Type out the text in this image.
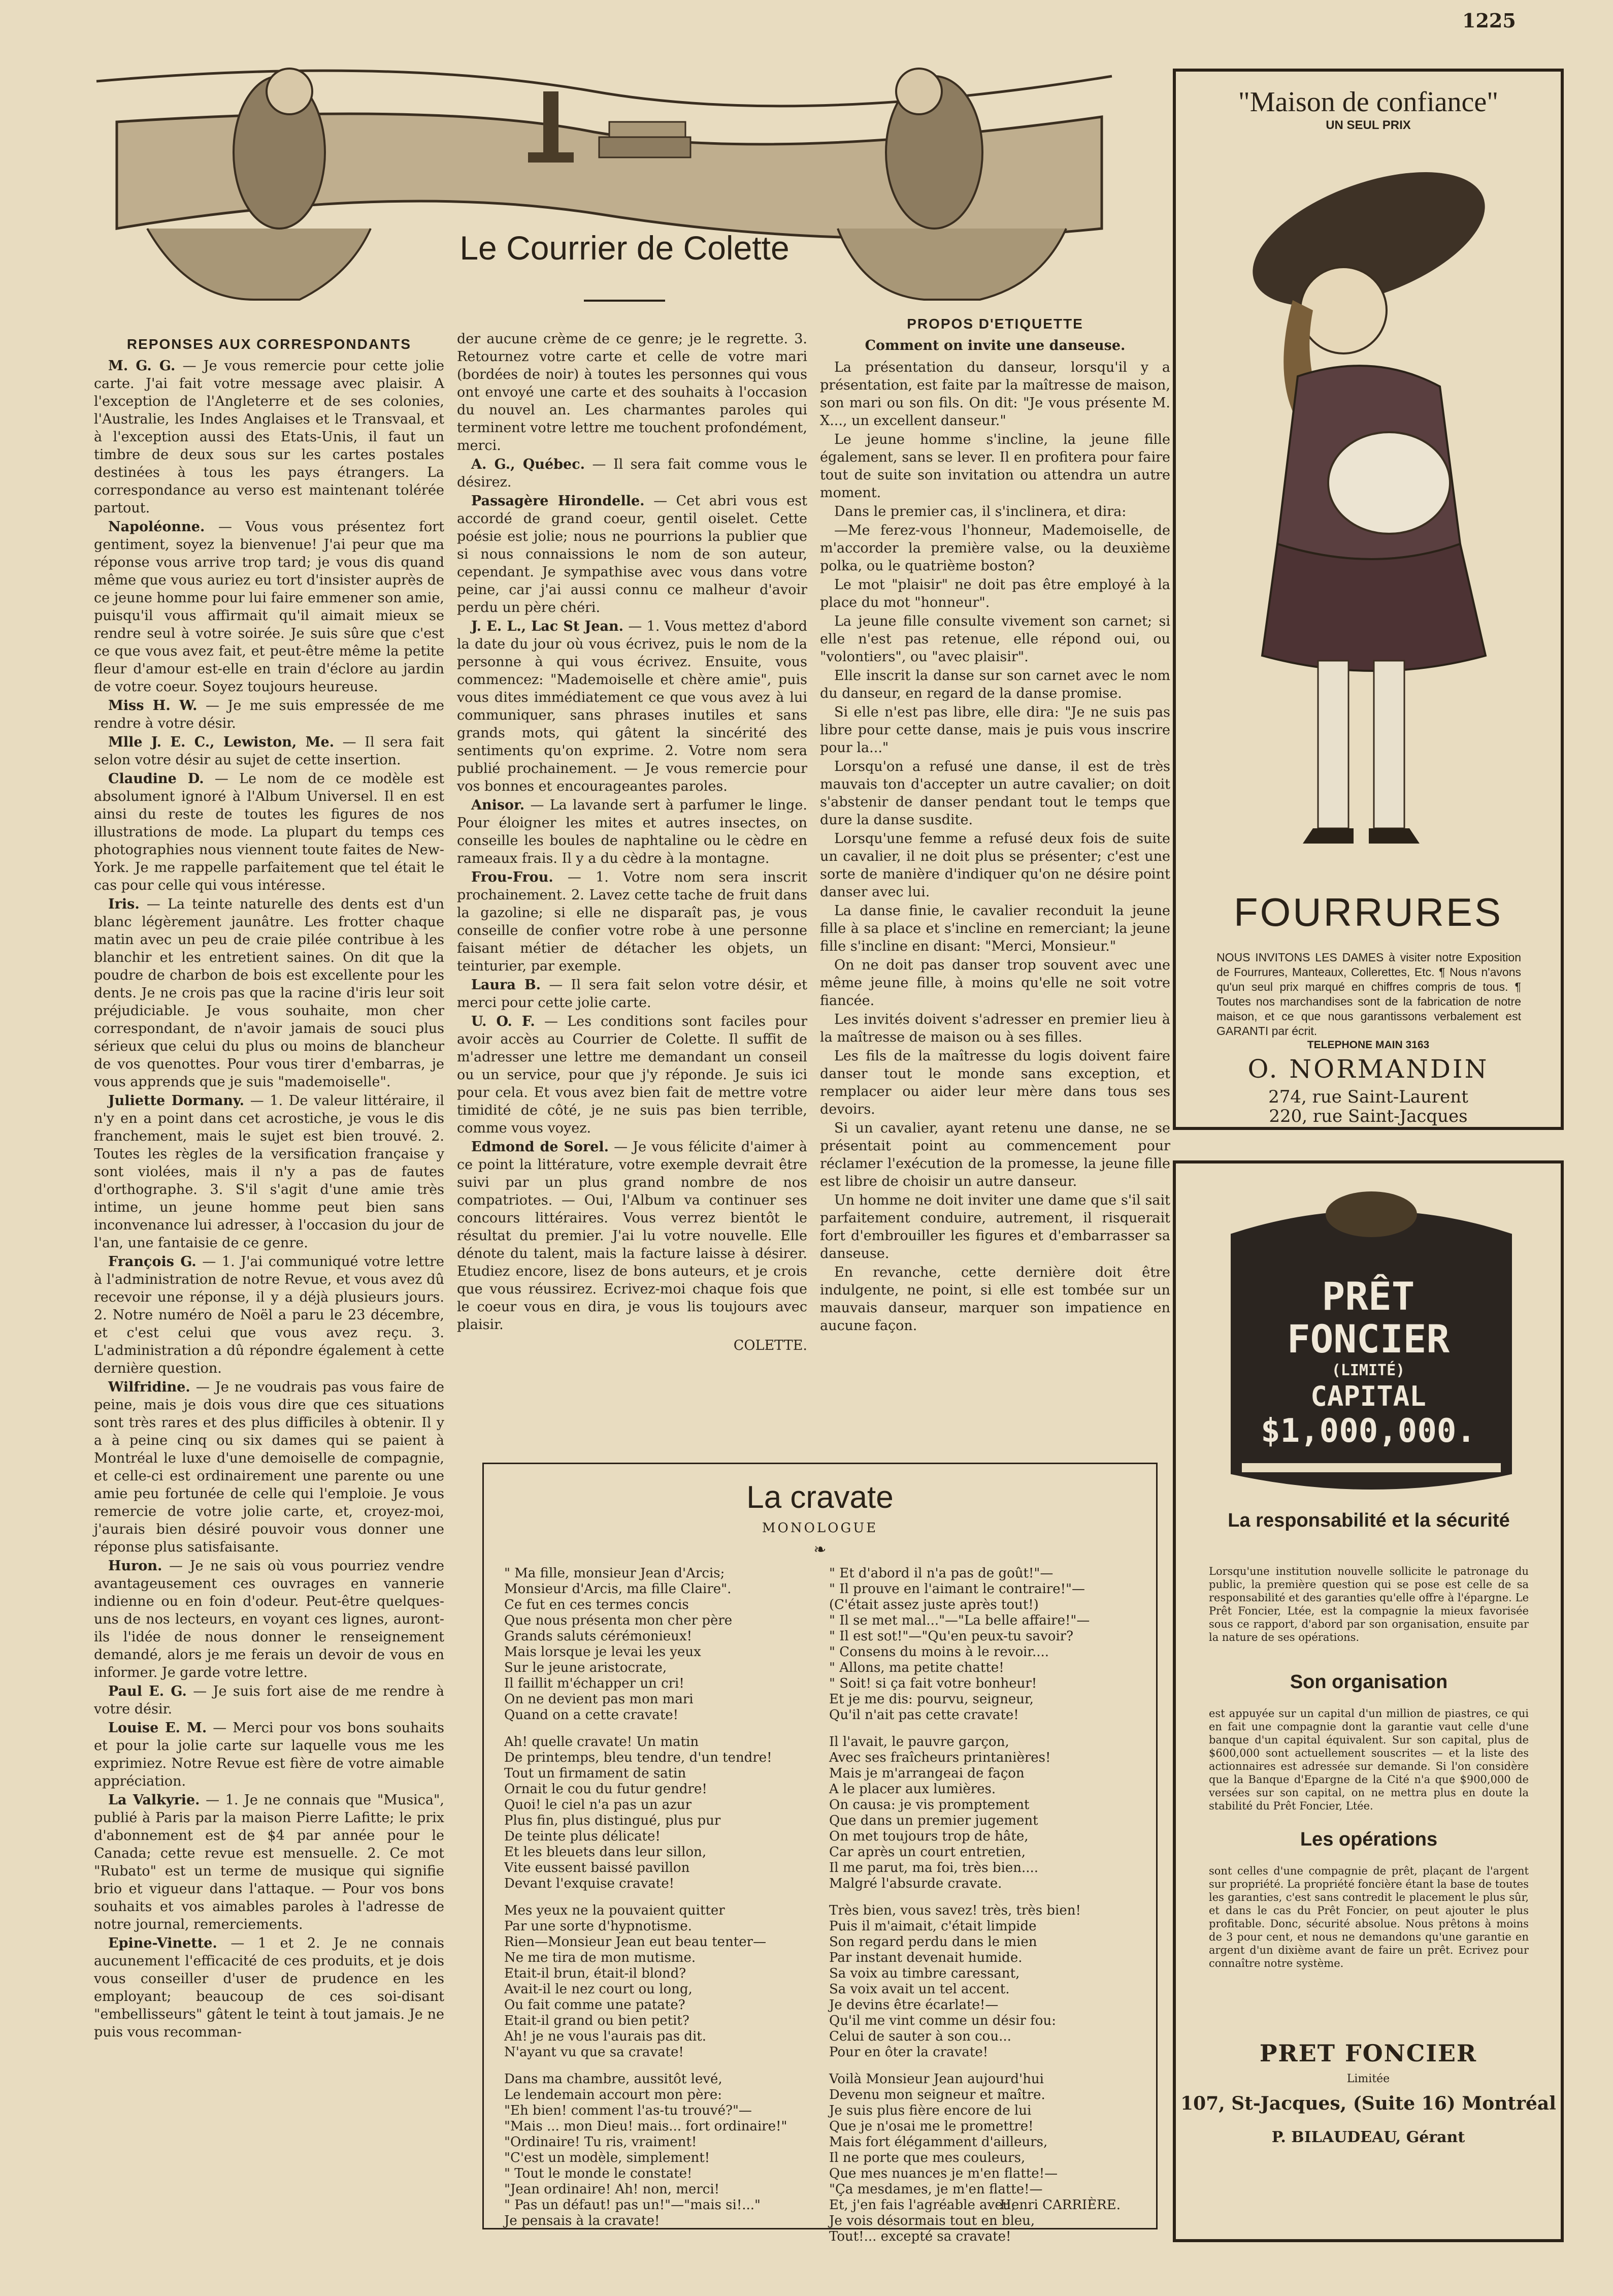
1225
Le Courrier de Colette
REPONSES AUX CORRESPONDANTS

M. G. G. — Je vous remercie pour cette jolie carte. J'ai fait votre message avec plaisir. A l'exception de l'Angleterre et de ses colonies, l'Australie, les Indes Anglaises et le Transvaal, et à l'exception aussi des Etats-Unis, il faut un timbre de deux sous sur les cartes postales destinées à tous les pays étrangers. La correspondance au verso est maintenant tolérée partout.

Napoléonne. — Vous vous présentez fort gentiment, soyez la bienvenue! J'ai peur que ma réponse vous arrive trop tard; je vous dis quand même que vous auriez eu tort d'insister auprès de ce jeune homme pour lui faire emmener son amie, puisqu'il vous affirmait qu'il aimait mieux se rendre seul à votre soirée. Je suis sûre que c'est ce que vous avez fait, et peut-être même la petite fleur d'amour est-elle en train d'éclore au jardin de votre coeur. Soyez toujours heureuse.

Miss H. W. — Je me suis empressée de me rendre à votre désir.

Mlle J. E. C., Lewiston, Me. — Il sera fait selon votre désir au sujet de cette insertion.

Claudine D. — Le nom de ce modèle est absolument ignoré à l'Album Universel. Il en est ainsi du reste de toutes les figures de nos illustrations de mode. La plupart du temps ces photographies nous viennent toute faites de New-York. Je me rappelle parfaitement que tel était le cas pour celle qui vous intéresse.

Iris. — La teinte naturelle des dents est d'un blanc légèrement jaunâtre. Les frotter chaque matin avec un peu de craie pilée contribue à les blanchir et les entretient saines. On dit que la poudre de charbon de bois est excellente pour les dents. Je ne crois pas que la racine d'iris leur soit préjudiciable. Je vous souhaite, mon cher correspondant, de n'avoir jamais de souci plus sérieux que celui du plus ou moins de blancheur de vos quenottes. Pour vous tirer d'embarras, je vous apprends que je suis "mademoiselle".

Juliette Dormany. — 1. De valeur littéraire, il n'y en a point dans cet acrostiche, je vous le dis franchement, mais le sujet est bien trouvé. 2. Toutes les règles de la versification française y sont violées, mais il n'y a pas de fautes d'orthographe. 3. S'il s'agit d'une amie très intime, un jeune homme peut bien sans inconvenance lui adresser, à l'occasion du jour de l'an, une fantaisie de ce genre.

François G. — 1. J'ai communiqué votre lettre à l'administration de notre Revue, et vous avez dû recevoir une réponse, il y a déjà plusieurs jours. 2. Notre numéro de Noël a paru le 23 décembre, et c'est celui que vous avez reçu. 3. L'administration a dû répondre également à cette dernière question.

Wilfridine. — Je ne voudrais pas vous faire de peine, mais je dois vous dire que ces situations sont très rares et des plus difficiles à obtenir. Il y a à peine cinq ou six dames qui se paient à Montréal le luxe d'une demoiselle de compagnie, et celle-ci est ordinairement une parente ou une amie peu fortunée de celle qui l'emploie. Je vous remercie de votre jolie carte, et, croyez-moi, j'aurais bien désiré pouvoir vous donner une réponse plus satisfaisante.

Huron. — Je ne sais où vous pourriez vendre avantageusement ces ouvrages en vannerie indienne ou en foin d'odeur. Peut-être quelques-uns de nos lecteurs, en voyant ces lignes, auront-ils l'idée de nous donner le renseignement demandé, alors je me ferais un devoir de vous en informer. Je garde votre lettre.

Paul E. G. — Je suis fort aise de me rendre à votre désir.

Louise E. M. — Merci pour vos bons souhaits et pour la jolie carte sur laquelle vous me les exprimiez. Notre Revue est fière de votre aimable appréciation.

La Valkyrie. — 1. Je ne connais que "Musica", publié à Paris par la maison Pierre Lafitte; le prix d'abonnement est de $4 par année pour le Canada; cette revue est mensuelle. 2. Ce mot "Rubato" est un terme de musique qui signifie brio et vigueur dans l'attaque. — Pour vos bons souhaits et vos aimables paroles à l'adresse de notre journal, remerciements.

Epine-Vinette. — 1 et 2. Je ne connais aucunement l'efficacité de ces produits, et je dois vous conseiller d'user de prudence en les employant; beaucoup de ces soi-disant "embellisseurs" gâtent le teint à tout jamais. Je ne puis vous recomman-

der aucune crème de ce genre; je le regrette. 3. Retournez votre carte et celle de votre mari (bordées de noir) à toutes les personnes qui vous ont envoyé une carte et des souhaits à l'occasion du nouvel an. Les charmantes paroles qui terminent votre lettre me touchent profondément, merci.

A. G., Québec. — Il sera fait comme vous le désirez.

Passagère Hirondelle. — Cet abri vous est accordé de grand coeur, gentil oiselet. Cette poésie est jolie; nous ne pourrions la publier que si nous connaissions le nom de son auteur, cependant. Je sympathise avec vous dans votre peine, car j'ai aussi connu ce malheur d'avoir perdu un père chéri.

J. E. L., Lac St Jean. — 1. Vous mettez d'abord la date du jour où vous écrivez, puis le nom de la personne à qui vous écrivez. Ensuite, vous commencez: "Mademoiselle et chère amie", puis vous dites immédiatement ce que vous avez à lui communiquer, sans phrases inutiles et sans grands mots, qui gâtent la sincérité des sentiments qu'on exprime. 2. Votre nom sera publié prochainement. — Je vous remercie pour vos bonnes et encourageantes paroles.

Anisor. — La lavande sert à parfumer le linge. Pour éloigner les mites et autres insectes, on conseille les boules de naphtaline ou le cèdre en rameaux frais. Il y a du cèdre à la montagne.

Frou-Frou. — 1. Votre nom sera inscrit prochainement. 2. Lavez cette tache de fruit dans la gazoline; si elle ne disparaît pas, je vous conseille de confier votre robe à une personne faisant métier de détacher les objets, un teinturier, par exemple.

Laura B. — Il sera fait selon votre désir, et merci pour cette jolie carte.

U. O. F. — Les conditions sont faciles pour avoir accès au Courrier de Colette. Il suffit de m'adresser une lettre me demandant un conseil ou un service, pour que j'y réponde. Je suis ici pour cela. Et vous avez bien fait de mettre votre timidité de côté, je ne suis pas bien terrible, comme vous voyez.

Edmond de Sorel. — Je vous félicite d'aimer à ce point la littérature, votre exemple devrait être suivi par un plus grand nombre de nos compatriotes. — Oui, l'Album va continuer ses concours littéraires. Vous verrez bientôt le résultat du premier. J'ai lu votre nouvelle. Elle dénote du talent, mais la facture laisse à désirer. Etudiez encore, lisez de bons auteurs, et je crois que vous réussirez. Ecrivez-moi chaque fois que le coeur vous en dira, je vous lis toujours avec plaisir.

COLETTE.
PROPOS D'ETIQUETTE
Comment on invite une danseuse.

La présentation du danseur, lorsqu'il y a présentation, est faite par la maîtresse de maison, son mari ou son fils. On dit: "Je vous présente M. X..., un excellent danseur."

Le jeune homme s'incline, la jeune fille également, sans se lever. Il en profitera pour faire tout de suite son invitation ou attendra un autre moment.

Dans le premier cas, il s'inclinera, et dira:

—Me ferez-vous l'honneur, Mademoiselle, de m'accorder la première valse, ou la deuxième polka, ou le quatrième boston?

Le mot "plaisir" ne doit pas être employé à la place du mot "honneur".

La jeune fille consulte vivement son carnet; si elle n'est pas retenue, elle répond oui, ou "volontiers", ou "avec plaisir".

Elle inscrit la danse sur son carnet avec le nom du danseur, en regard de la danse promise.

Si elle n'est pas libre, elle dira: "Je ne suis pas libre pour cette danse, mais je puis vous inscrire pour la..."

Lorsqu'on a refusé une danse, il est de très mauvais ton d'accepter un autre cavalier; on doit s'abstenir de danser pendant tout le temps que dure la danse susdite.

Lorsqu'une femme a refusé deux fois de suite un cavalier, il ne doit plus se présenter; c'est une sorte de manière d'indiquer qu'on ne désire point danser avec lui.

La danse finie, le cavalier reconduit la jeune fille à sa place et s'incline en remerciant; la jeune fille s'incline en disant: "Merci, Monsieur."

On ne doit pas danser trop souvent avec une même jeune fille, à moins qu'elle ne soit votre fiancée.

Les invités doivent s'adresser en premier lieu à la maîtresse de maison ou à ses filles.

Les fils de la maîtresse du logis doivent faire danser tout le monde sans exception, et remplacer ou aider leur mère dans tous ses devoirs.

Si un cavalier, ayant retenu une danse, ne se présentait point au commencement pour réclamer l'exécution de la promesse, la jeune fille est libre de choisir un autre danseur.

Un homme ne doit inviter une dame que s'il sait parfaitement conduire, autrement, il risquerait fort d'embrouiller les figures et d'embarrasser sa danseuse.

En revanche, cette dernière doit être indulgente, ne point, si elle est tombée sur un mauvais danseur, marquer son impatience en aucune façon.

La cravate
MONOLOGUE
❧
" Ma fille, monsieur Jean d'Arcis;
Monsieur d'Arcis, ma fille Claire".
Ce fut en ces termes concis
Que nous présenta mon cher père
Grands saluts cérémonieux!
Mais lorsque je levai les yeux
Sur le jeune aristocrate,
Il faillit m'échapper un cri!
On ne devient pas mon mari
Quand on a cette cravate!
Ah! quelle cravate! Un matin
De printemps, bleu tendre, d'un tendre!
Tout un firmament de satin
Ornait le cou du futur gendre!
Quoi! le ciel n'a pas un azur
Plus fin, plus distingué, plus pur
De teinte plus délicate!
Et les bleuets dans leur sillon,
Vite eussent baissé pavillon
Devant l'exquise cravate!
Mes yeux ne la pouvaient quitter
Par une sorte d'hypnotisme.
Rien—Monsieur Jean eut beau tenter—
Ne me tira de mon mutisme.
Etait-il brun, était-il blond?
Avait-il le nez court ou long,
Ou fait comme une patate?
Etait-il grand ou bien petit?
Ah! je ne vous l'aurais pas dit.
N'ayant vu que sa cravate!
Dans ma chambre, aussitôt levé,
Le lendemain accourt mon père:
"Eh bien! comment l'as-tu trouvé?"—
"Mais ... mon Dieu! mais... fort ordinaire!"
"Ordinaire! Tu ris, vraiment!
"C'est un modèle, simplement!
" Tout le monde le constate!
"Jean ordinaire! Ah! non, merci!
" Pas un défaut! pas un!"—"mais si!..."
Je pensais à la cravate!
" Et d'abord il n'a pas de goût!"—
" Il prouve en l'aimant le contraire!"—
(C'était assez juste après tout!)
" Il se met mal..."—"La belle affaire!"—
" Il est sot!"—"Qu'en peux-tu savoir?
" Consens du moins à le revoir....
" Allons, ma petite chatte!
" Soit! si ça fait votre bonheur!
Et je me dis: pourvu, seigneur,
Qu'il n'ait pas cette cravate!
Il l'avait, le pauvre garçon,
Avec ses fraîcheurs printanières!
Mais je m'arrangeai de façon
A le placer aux lumières.
On causa: je vis promptement
Que dans un premier jugement
On met toujours trop de hâte,
Car après un court entretien,
Il me parut, ma foi, très bien....
Malgré l'absurde cravate.
Très bien, vous savez! très, très bien!
Puis il m'aimait, c'était limpide
Son regard perdu dans le mien
Par instant devenait humide.
Sa voix au timbre caressant,
Sa voix avait un tel accent.
Je devins être écarlate!—
Qu'il me vint comme un désir fou:
Celui de sauter à son cou...
Pour en ôter la cravate!
Voilà Monsieur Jean aujourd'hui
Devenu mon seigneur et maître.
Je suis plus fière encore de lui
Que je n'osai me le promettre!
Mais fort élégamment d'ailleurs,
Il ne porte que mes couleurs,
Que mes nuances je m'en flatte!—
"Ça mesdames, je m'en flatte!—
Et, j'en fais l'agréable aveu,
Je vois désormais tout en bleu,
Tout!... excepté sa cravate!
Henri CARRIÈRE.
"Maison de confiance"
UN SEUL PRIX
FOURRURES
NOUS INVITONS LES DAMES à visiter notre Exposition de Fourrures, Manteaux, Collerettes, Etc. ¶ Nous n'avons qu'un seul prix marqué en chiffres compris de tous. ¶ Toutes nos marchandises sont de la fabrication de notre maison, et ce que nous garantissons verbalement est GARANTI par écrit.
TELEPHONE MAIN 3163
O. NORMANDIN
274, rue Saint-Laurent
220, rue Saint-Jacques
PRÊT
FONCIER
(LIMITÉ)
CAPITAL
$1,000,000.
La responsabilité et la sécurité
Lorsqu'une institution nouvelle sollicite le patronage du public, la première question qui se pose est celle de sa responsabilité et des garanties qu'elle offre à l'épargne. Le Prêt Foncier, Ltée, est la compagnie la mieux favorisée sous ce rapport, d'abord par son organisation, ensuite par la nature de ses opérations.
Son organisation
est appuyée sur un capital d'un million de piastres, ce qui en fait une compagnie dont la garantie vaut celle d'une banque d'un capital équivalent. Sur son capital, plus de $600,000 sont actuellement souscrites — et la liste des actionnaires est adressée sur demande. Si l'on considère que la Banque d'Epargne de la Cité n'a que $900,000 de versées sur son capital, on ne mettra plus en doute la stabilité du Prêt Foncier, Ltée.
Les opérations
sont celles d'une compagnie de prêt, plaçant de l'argent sur propriété. La propriété foncière étant la base de toutes les garanties, c'est sans contredit le placement le plus sûr, et dans le cas du Prêt Foncier, on peut ajouter le plus profitable. Donc, sécurité absolue. Nous prêtons à moins de 3 pour cent, et nous ne demandons qu'une garantie en argent d'un dixième avant de faire un prêt. Ecrivez pour connaître notre système.
PRET FONCIER
Limitée
107, St-Jacques, (Suite 16) Montréal
P. BILAUDEAU, Gérant
